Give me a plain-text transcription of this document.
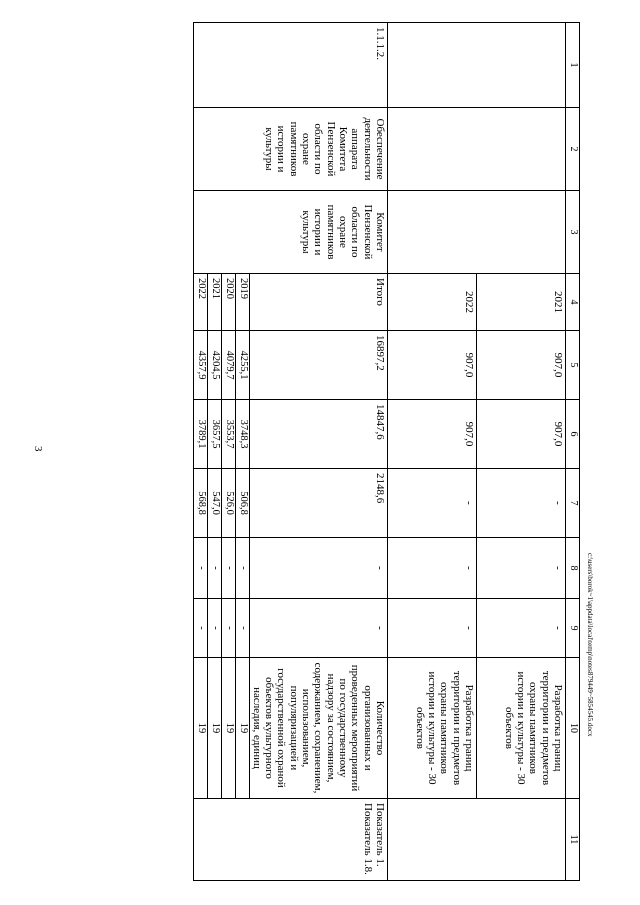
3
1	2	3	4	5	6	7	8	9	10	11
			2021	907,0	907,0	-	-	-	Разработка границ территории и предметов охраны памятников истории и культуры - 30 объектов	
			2022	907,0	907,0	-	-	-	Разработка границ территории и предметов охраны памятников истории и культуры - 30 объектов	
1.1.1.2.	Обеспечение деятельности аппарата Комитета Пензенской области по охране памятников истории и культуры	Комитет Пензенской области по охране памятников истории и культуры	Итого	16897,2	14847,6	2148,6	-	-	Количество организованных и проведенных мероприятий по государственному надзору за состоянием, содержанием, сохранением, использованием, популяризацией и государственной охраной объектов культурного наследия, единиц	Показатель 1. Показатель 1.8.
			2019	4255,1	3748,3	506,8	-	-	19	
			2020	4079,7	3553,7	526,0	-	-	19	
			2021	4204,5	3657,5	547,0	-	-	19	
			2022	4357,9	3789,1	568,8	-	-	19		c:\users\borok~1\appdata\local\temp\notes879449~5854545.docx
